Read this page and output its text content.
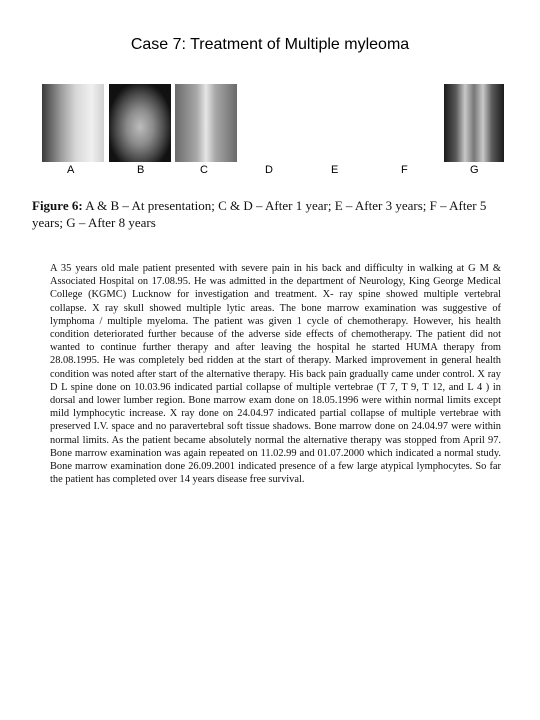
Case 7: Treatment of Multiple myleoma
A	B	C	D	E	F	G
Figure 6: A & B – At presentation; C & D – After 1 year; E – After 3 years; F – After 5 years; G – After 8 years
A 35 years old male patient presented with severe pain in his back and difficulty in walking at G M & Associated Hospital on 17.08.95. He was admitted in the department of Neurology, King George Medical College (KGMC) Lucknow for investigation and treatment. X- ray spine showed multiple vertebral collapse. X ray skull showed multiple lytic areas. The bone marrow examination was suggestive of lymphoma / multiple myeloma. The patient was given 1 cycle of chemotherapy. However, his health condition deteriorated further because of the adverse side effects of chemotherapy. The patient did not wanted to continue further therapy and after leaving the hospital he started HUMA therapy from 28.08.1995. He was completely bed ridden at the start of therapy. Marked improvement in general health condition was noted after start of the alternative therapy. His back pain gradually came under control. X ray D L spine done on 10.03.96 indicated partial collapse of multiple vertebrae (T 7, T 9, T 12, and L 4 ) in dorsal and lower lumber region. Bone marrow exam done on 18.05.1996 were within normal limits except mild lymphocytic increase. X ray done on 24.04.97 indicated partial collapse of multiple vertebrae with preserved I.V. space and no paravertebral soft tissue shadows. Bone marrow done on 24.04.97 were within normal limits. As the patient became absolutely normal the alternative therapy was stopped from April 97. Bone marrow examination was again repeated on 11.02.99 and 01.07.2000 which indicated a normal study. Bone marrow examination done 26.09.2001 indicated presence of a few large atypical lymphocytes. So far the patient has completed over 14 years disease free survival.
